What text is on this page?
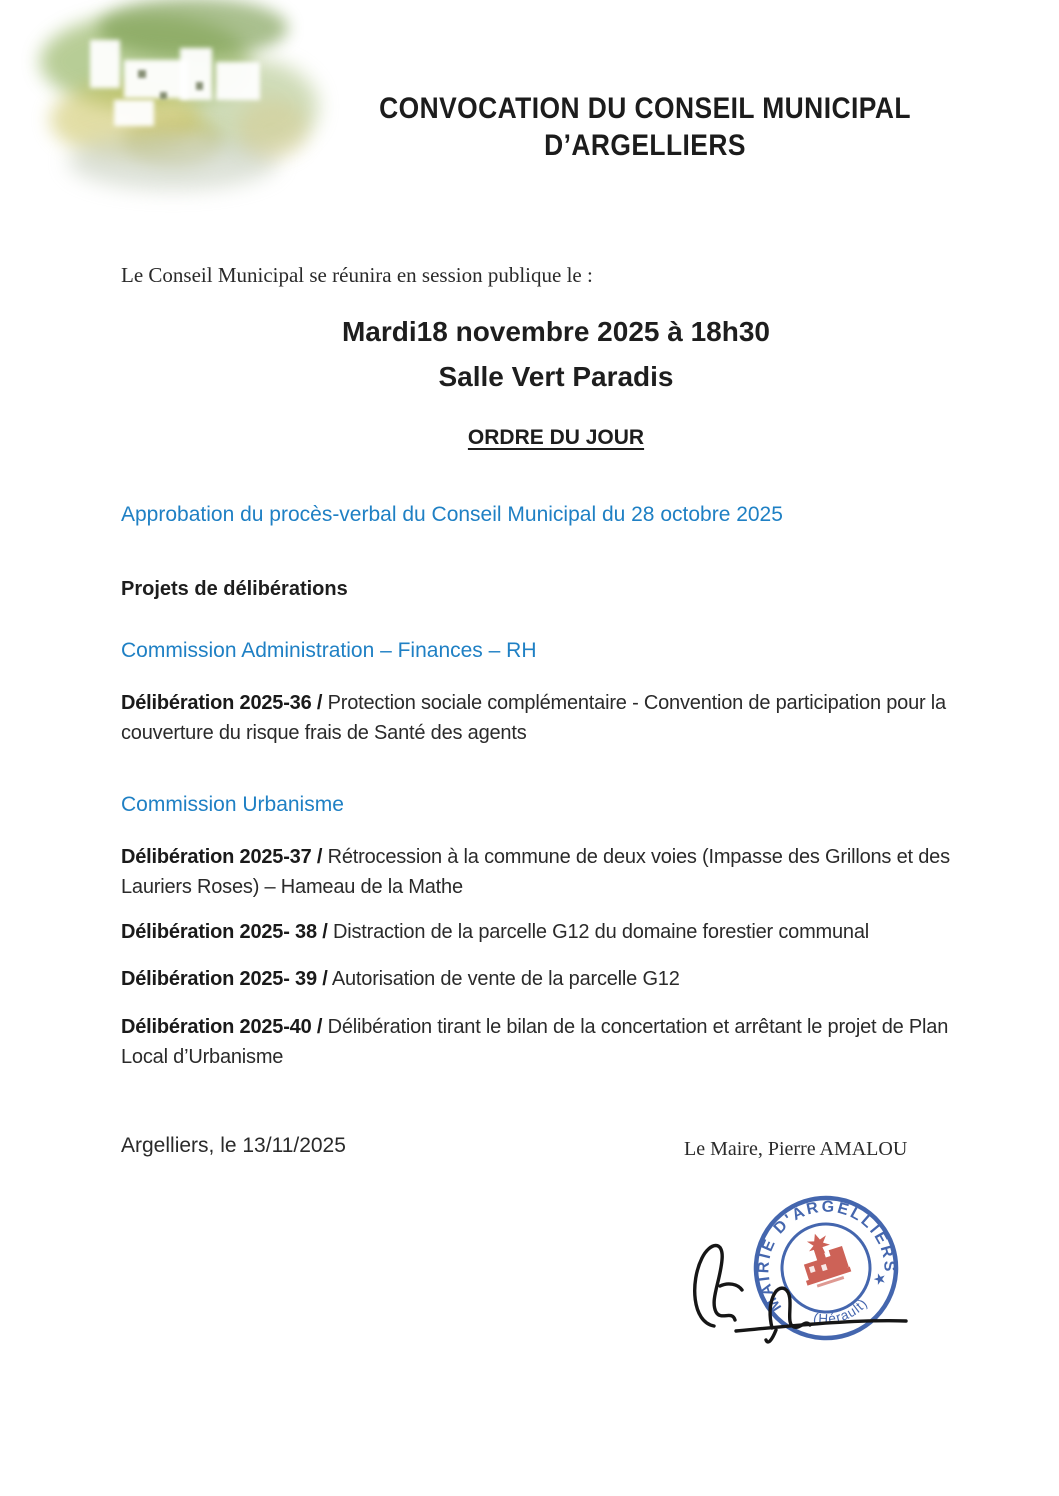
CONVOCATION DU CONSEIL MUNICIPAL
D’ARGELLIERS
Le Conseil Municipal se réunira en session publique le :
Mardi18 novembre 2025 à 18h30
Salle Vert Paradis
ORDRE DU JOUR
Approbation du procès-verbal du Conseil Municipal du 28 octobre 2025
Projets de délibérations
Commission Administration – Finances – RH
Délibération 2025-36 / Protection sociale complémentaire - Convention de participation pour la couverture du risque frais de Santé des agents
Commission Urbanisme
Délibération 2025-37 / Rétrocession à la commune de deux voies (Impasse des Grillons et des Lauriers Roses) – Hameau de la Mathe
Délibération 2025- 38 / Distraction de la parcelle G12 du domaine forestier communal
Délibération 2025- 39 / Autorisation de vente de la parcelle G12
Délibération 2025-40 / Délibération tirant le bilan de la concertation et arrêtant le projet de Plan Local d’Urbanisme
Argelliers, le 13/11/2025	Le Maire, Pierre AMALOU
MAIRIE D'ARGELLIERS
(Hérault)
★
